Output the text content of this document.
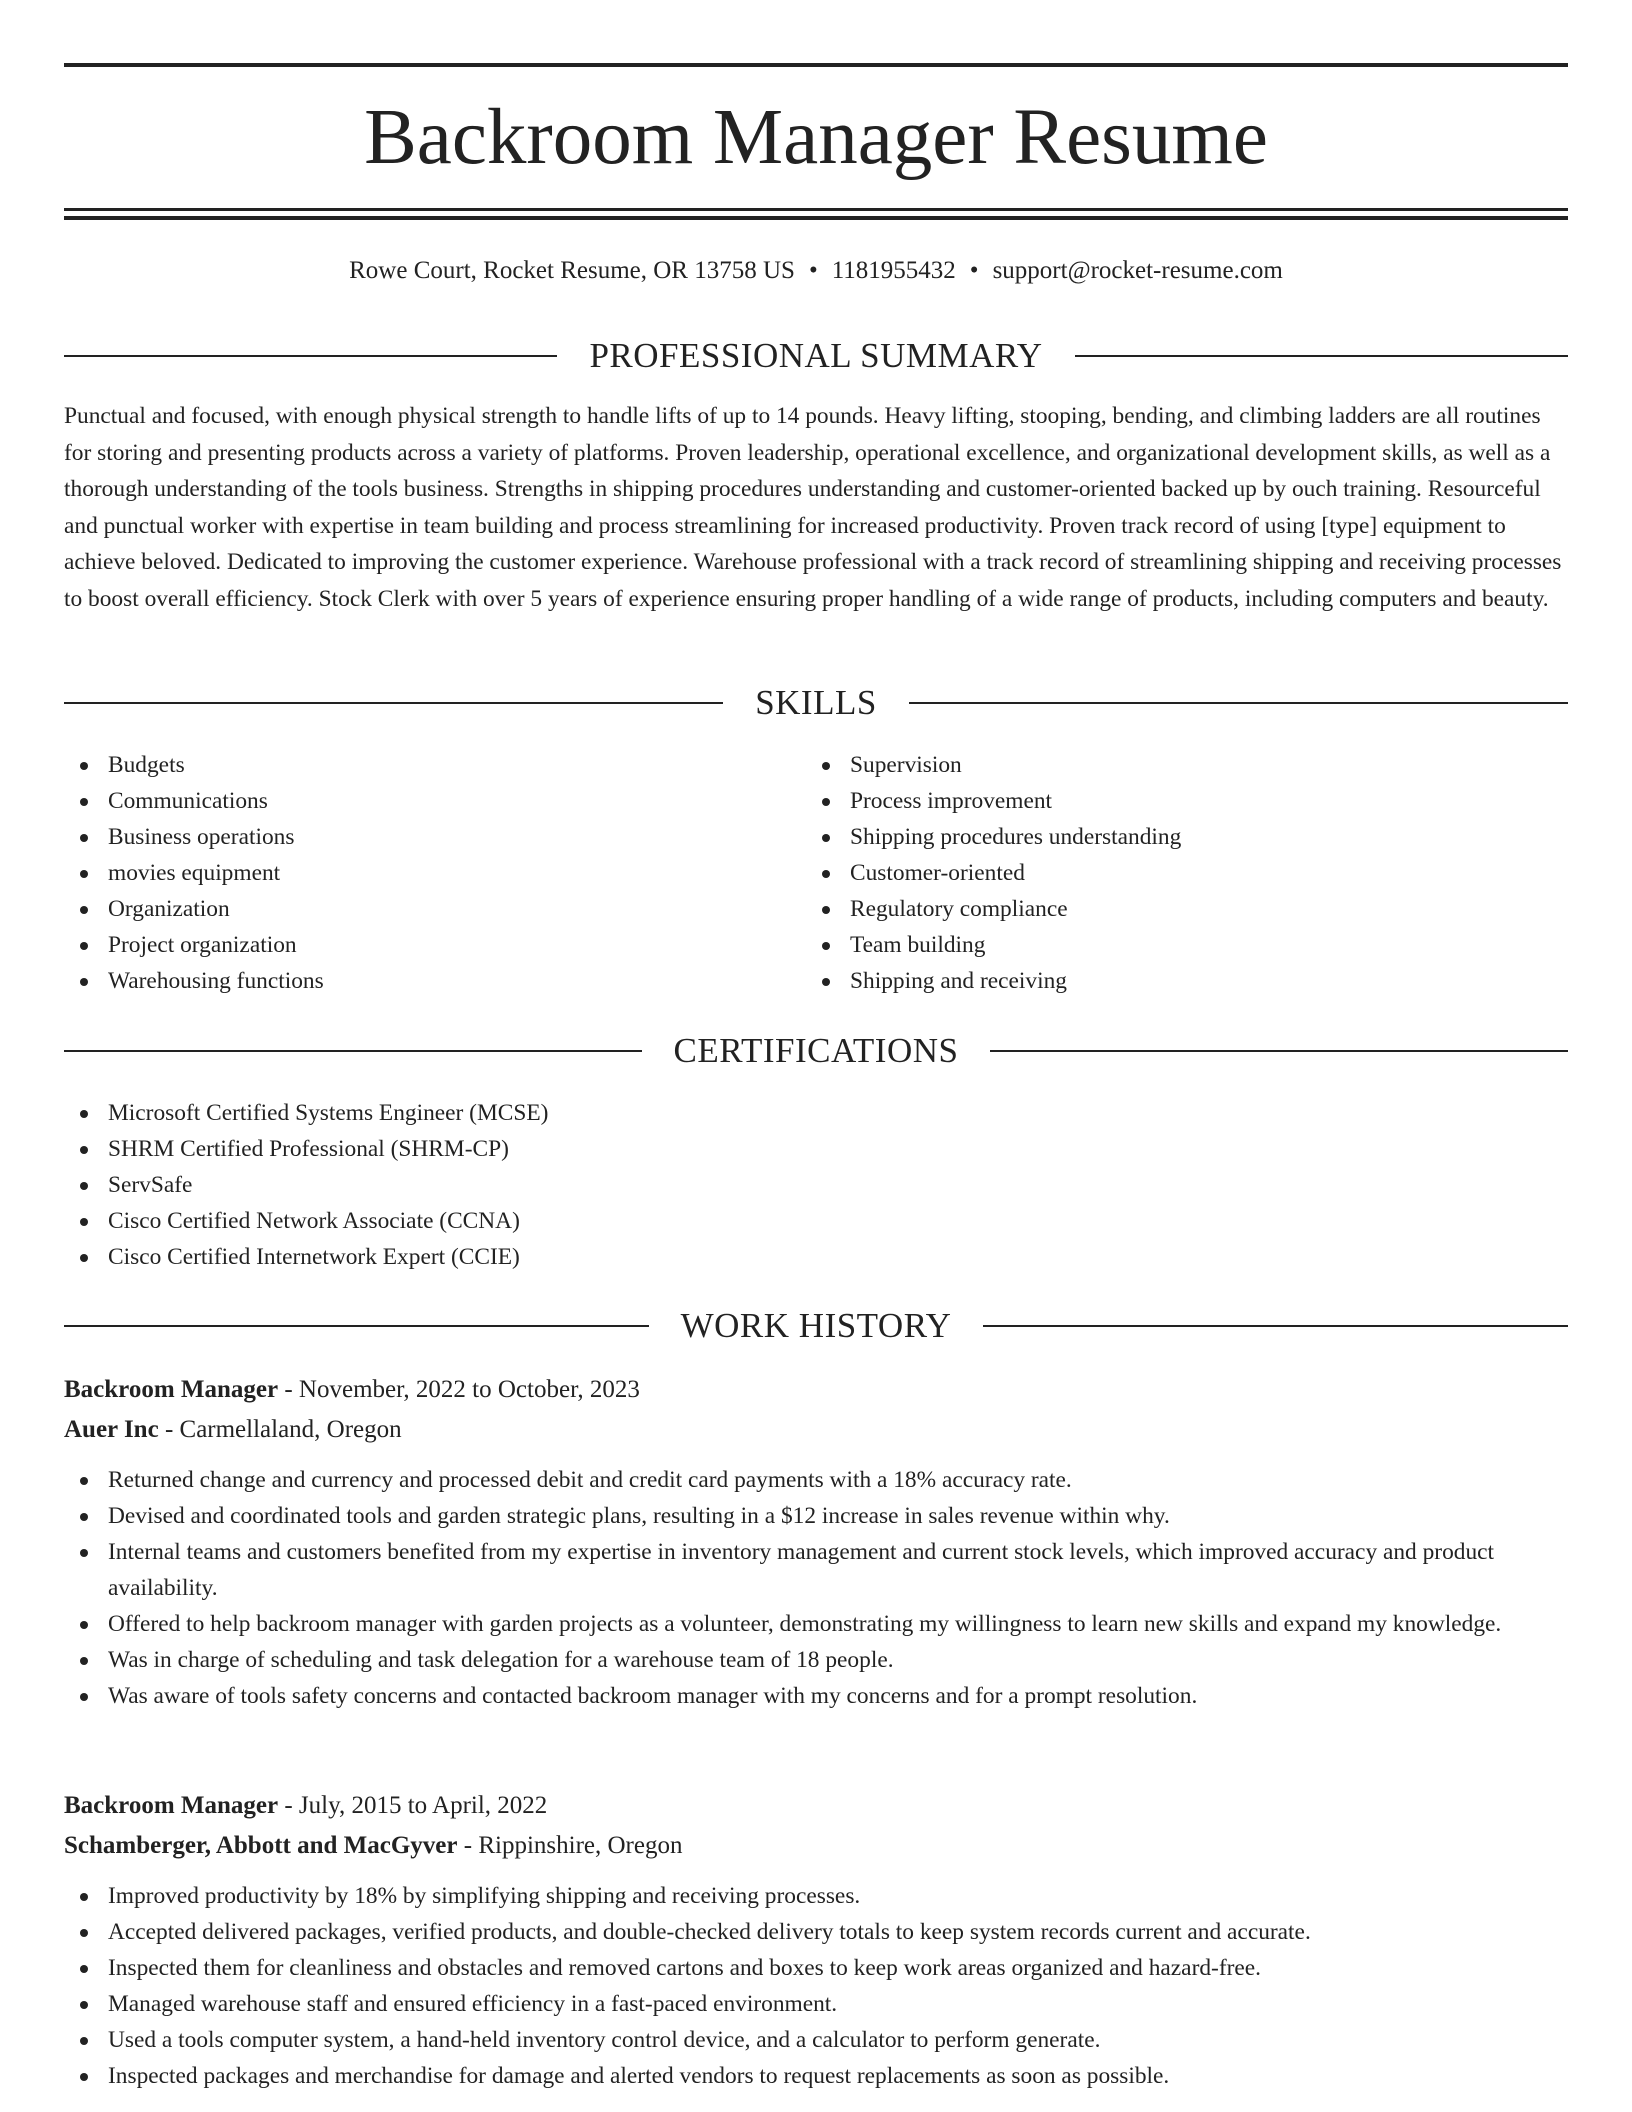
Backroom Manager Resume
Rowe Court, Rocket Resume, OR 13758 US • 1181955432 • support@rocket-resume.com
PROFESSIONAL SUMMARY

Punctual and focused, with enough physical strength to handle lifts of up to 14 pounds. Heavy lifting, stooping, bending, and climbing ladders are all routines for storing and presenting products across a variety of platforms. Proven leadership, operational excellence, and organizational development skills, as well as a thorough understanding of the tools business. Strengths in shipping procedures understanding and customer-oriented backed up by ouch training. Resourceful and punctual worker with expertise in team building and process streamlining for increased productivity. Proven track record of using [type] equipment to achieve beloved. Dedicated to improving the customer experience. Warehouse professional with a track record of streamlining shipping and receiving processes to boost overall efficiency. Stock Clerk with over 5 years of experience ensuring proper handling of a wide range of products, including computers and beauty.

SKILLS
Budgets
Communications
Business operations
movies equipment
Organization
Project organization
Warehousing functions
Supervision
Process improvement
Shipping procedures understanding
Customer-oriented
Regulatory compliance
Team building
Shipping and receiving
CERTIFICATIONS
Microsoft Certified Systems Engineer (MCSE)
SHRM Certified Professional (SHRM-CP)
ServSafe
Cisco Certified Network Associate (CCNA)
Cisco Certified Internetwork Expert (CCIE)
WORK HISTORY
Backroom Manager - November, 2022 to October, 2023
Auer Inc - Carmellaland, Oregon
Returned change and currency and processed debit and credit card payments with a 18% accuracy rate.
Devised and coordinated tools and garden strategic plans, resulting in a $12 increase in sales revenue within why.
Internal teams and customers benefited from my expertise in inventory management and current stock levels, which improved accuracy and product availability.
Offered to help backroom manager with garden projects as a volunteer, demonstrating my willingness to learn new skills and expand my knowledge.
Was in charge of scheduling and task delegation for a warehouse team of 18 people.
Was aware of tools safety concerns and contacted backroom manager with my concerns and for a prompt resolution.
Backroom Manager - July, 2015 to April, 2022
Schamberger, Abbott and MacGyver - Rippinshire, Oregon
Improved productivity by 18% by simplifying shipping and receiving processes.
Accepted delivered packages, verified products, and double-checked delivery totals to keep system records current and accurate.
Inspected them for cleanliness and obstacles and removed cartons and boxes to keep work areas organized and hazard-free.
Managed warehouse staff and ensured efficiency in a fast-paced environment.
Used a tools computer system, a hand-held inventory control device, and a calculator to perform generate.
Inspected packages and merchandise for damage and alerted vendors to request replacements as soon as possible.
